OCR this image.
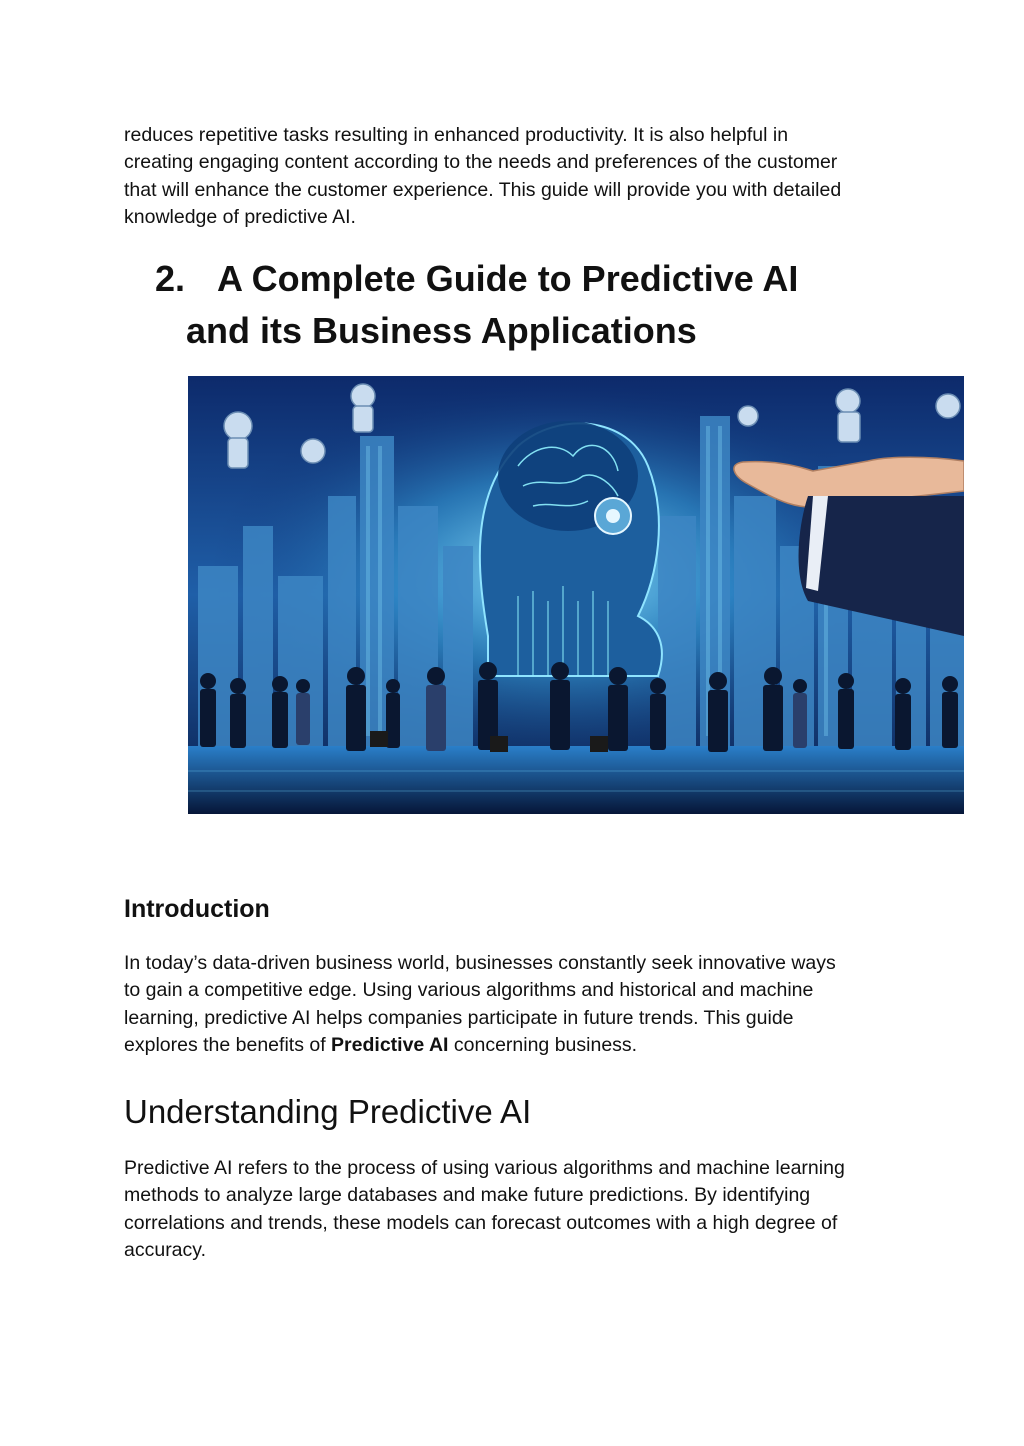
reduces repetitive tasks resulting in enhanced productivity. It is also helpful in
creating engaging content according to the needs and preferences of the customer
that will enhance the customer experience. This guide will provide you with detailed
knowledge of predictive AI.

2. A Complete Guide to Predictive AI
and its Business Applications
Introduction

In today’s data-driven business world, businesses constantly seek innovative ways
to gain a competitive edge. Using various algorithms and historical and machine
learning, predictive AI helps companies participate in future trends. This guide
explores the benefits of Predictive AI concerning business.

Understanding Predictive AI

Predictive AI refers to the process of using various algorithms and machine learning
methods to analyze large databases and make future predictions. By identifying
correlations and trends, these models can forecast outcomes with a high degree of
accuracy.
